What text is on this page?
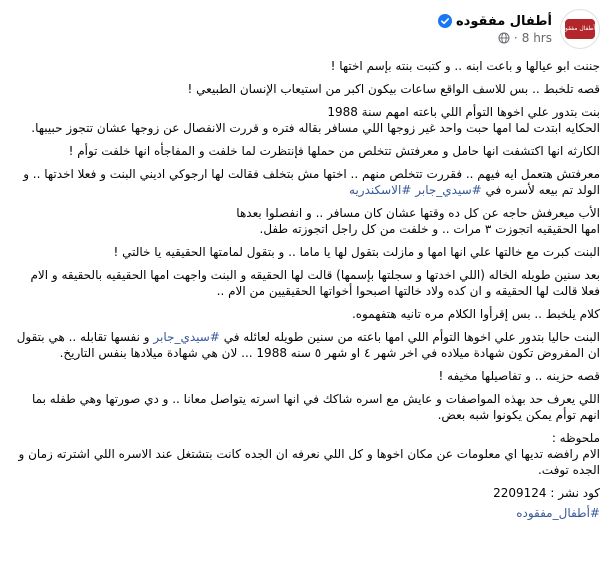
أطفال مفقوده
أطفال مفقوده
· 8 hrs

جننت ابو عيالها و باعت ابنه .. و كتبت بنته بإسم اختها !

قصه تلخبط .. بس للاسف الواقع ساعات بيكون اكبر من استيعاب الإنسان الطبيعي !

بنت بتدور علي اخوها التوأم اللي باعته امهم سنة 1988
الحكايه ابتدت لما امها حبت واحد غير زوجها اللي مسافر بقاله فتره و قررت الانفصال عن زوجها عشان تتجوز حبيبها.

الكارثه انها اكتشفت انها حامل و معرفتش تتخلص من حملها فإنتظرت لما خلفت و المفاجأه انها خلفت توأم !

معرفتش هتعمل ايه فيهم .. فقررت تتخلص منهم .. اختها مش بتخلف فقالت لها ارجوكي اديني البنت و فعلا اخدتها .. و الولد تم بيعه لأسره في #سيدي_جابر #الاسكندريه

الأب ميعرفش حاجه عن كل ده وقتها عشان كان مسافر .. و انفصلوا بعدها
امها الحقيقيه اتجوزت ٣ مرات .. و خلفت من كل راجل اتجوزته طفل.

البنت كبرت مع خالتها علي انها امها و مازلت بتقول لها يا ماما .. و بتقول لمامتها الحقيقيه يا خالتي !

بعد سنين طويله الخاله (اللي اخدتها و سجلتها بإسمها) قالت لها الحقيقه و البنت واجهت امها الحقيقيه بالحقيقه و الام فعلا قالت لها الحقيقه و ان كده ولاد خالتها اصبحوا أخواتها الحقيقيين من الام ..

كلام يلخبط .. بس إقرأوا الكلام مره تانيه هتفهموه.

البنت حاليا بتدور علي اخوها التوأم اللي امها باعته من سنين طويله لعائله في #سيدي_جابر و نفسها تقابله .. هي بتقول ان المفروض تكون شهادة ميلاده في اخر شهر ٤ او شهر ٥ سنه 1988 ... لان هي شهادة ميلادها بنفس التاريخ.

قصه حزينه .. و تفاصيلها مخيفه !

اللي يعرف حد بهذه المواصفات و عايش مع اسره شاكك في انها اسرته يتواصل معانا .. و دي صورتها وهي طفله بما انهم توأم يمكن يكونوا شبه بعض.

ملحوظه :
الام رافضه تديها اي معلومات عن مكان اخوها و كل اللي نعرفه ان الجده كانت بتشتغل عند الاسره اللي اشترته زمان و الجده توفت.

كود نشر : 2209124

#أطفال_مفقوده
